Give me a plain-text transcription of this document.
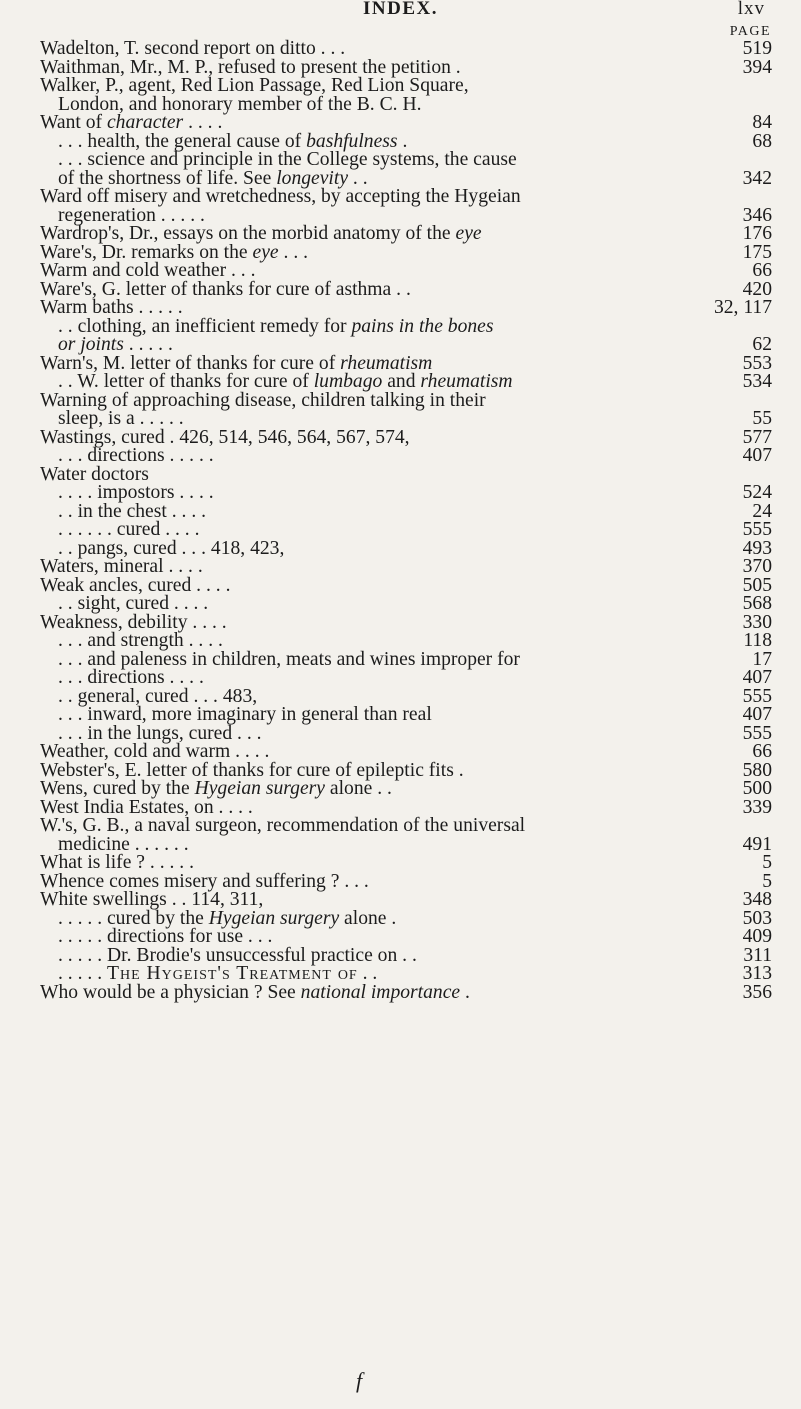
INDEX.	lxv
PAGE
Wadelton, T. second report on ditto . . .	519
Waithman, Mr., M. P., refused to present the petition .	394
Walker, P., agent, Red Lion Passage, Red Lion Square,
London, and honorary member of the B. C. H.
Want of character . . . .	84
. . . health, the general cause of bashfulness .	68
. . . science and principle in the College systems, the cause
of the shortness of life. See longevity . .	342
Ward off misery and wretchedness, by accepting the Hygeian
regeneration . . . . .	346
Wardrop's, Dr., essays on the morbid anatomy of the eye	176
Ware's, Dr. remarks on the eye . . .	175
Warm and cold weather . . .	66
Ware's, G. letter of thanks for cure of asthma . .	420
Warm baths . . . . .	32, 117
. . clothing, an inefficient remedy for pains in the bones
or joints . . . . .	62
Warn's, M. letter of thanks for cure of rheumatism	553
. . W. letter of thanks for cure of lumbago and rheumatism	534
Warning of approaching disease, children talking in their
sleep, is a . . . . .	55
Wastings, cured . 426, 514, 546, 564, 567, 574,	577
. . . directions . . . . .	407
Water doctors
. . . . impostors . . . .	524
. . in the chest . . . .	24
. . . . . . cured . . . .	555
. . pangs, cured . . . 418, 423,	493
Waters, mineral . . . .	370
Weak ancles, cured . . . .	505
. . sight, cured . . . .	568
Weakness, debility . . . .	330
. . . and strength . . . .	118
. . . and paleness in children, meats and wines improper for	17
. . . directions . . . .	407
. . general, cured . . . 483,	555
. . . inward, more imaginary in general than real	407
. . . in the lungs, cured . . .	555
Weather, cold and warm . . . .	66
Webster's, E. letter of thanks for cure of epileptic fits .	580
Wens, cured by the Hygeian surgery alone . .	500
West India Estates, on . . . .	339
W.'s, G. B., a naval surgeon, recommendation of the universal
medicine . . . . . .	491
What is life ? . . . . .	5
Whence comes misery and suffering ? . . .	5
White swellings . . 114, 311,	348
. . . . . cured by the Hygeian surgery alone .	503
. . . . . directions for use . . .	409
. . . . . Dr. Brodie's unsuccessful practice on . .	311
. . . . . The Hygeist's Treatment of . .	313
Who would be a physician ? See national importance .	356
f
